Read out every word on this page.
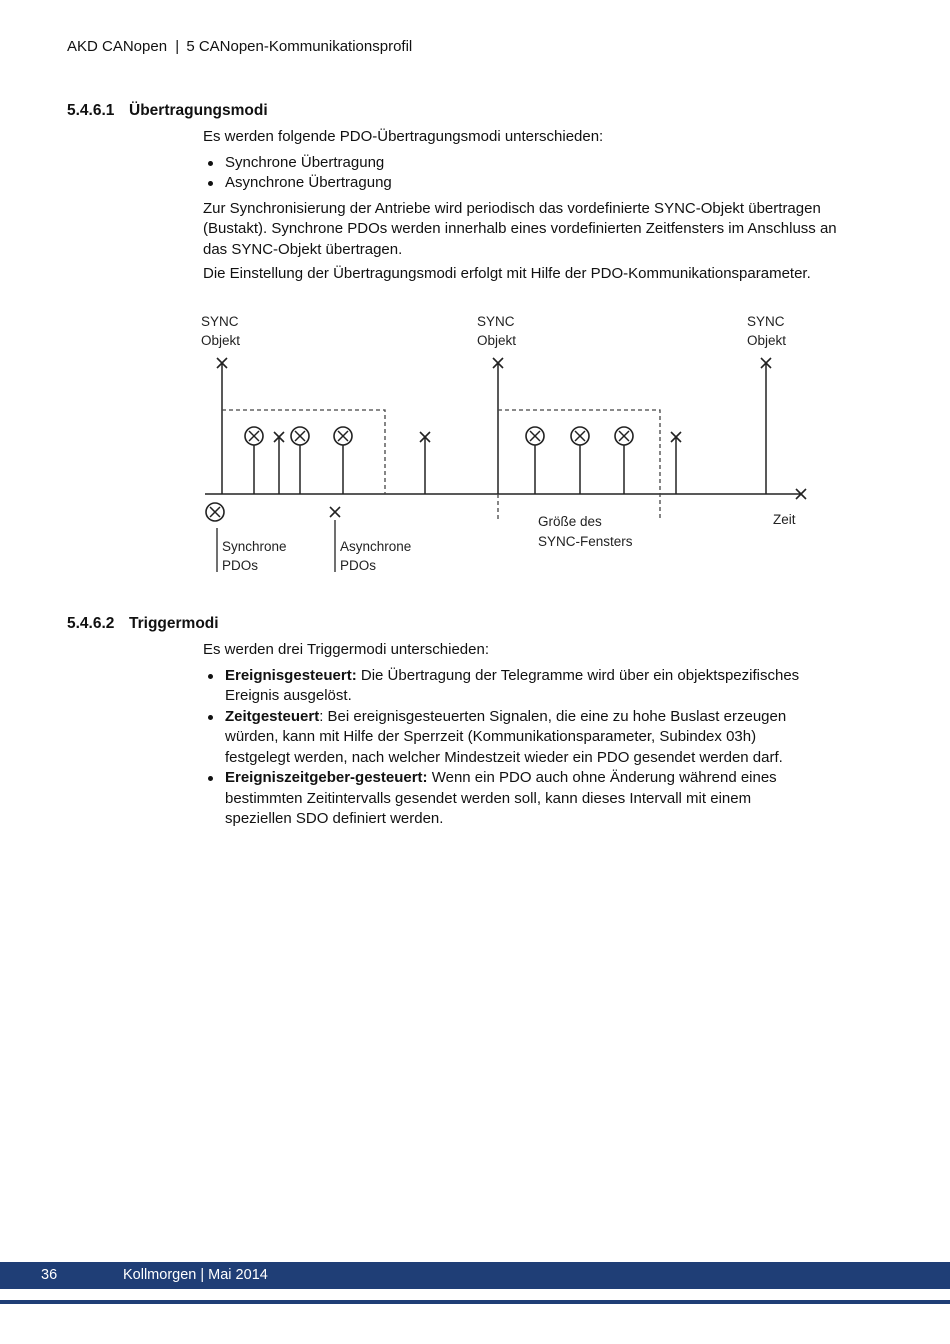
AKD CANopen | 5 CANopen-Kommunikationsprofil
5.4.6.1 Übertragungsmodi

Es werden folgende PDO-Übertragungsmodi unterschieden:

Synchrone Übertragung
Asynchrone Übertragung

Zur Synchronisierung der Antriebe wird periodisch das vordefinierte SYNC-Objekt übertragen (Bustakt). Synchrone PDOs werden innerhalb eines vordefinierten Zeitfensters im Anschluss an das SYNC-Objekt übertragen.

Die Einstellung der Übertragungsmodi erfolgt mit Hilfe der PDO-Kommunikationsparameter.

SYNC
Objekt
SYNC
Objekt
SYNC
Objekt
Zeit
Größe des
SYNC-Fensters
Synchrone
PDOs
Asynchrone
PDOs
5.4.6.2 Triggermodi

Es werden drei Triggermodi unterschieden:

Ereignisgesteuert: Die Übertragung der Telegramme wird über ein objektspezifisches Ereignis ausgelöst.
Zeitgesteuert: Bei ereignisgesteuerten Signalen, die eine zu hohe Buslast erzeugen würden, kann mit Hilfe der Sperrzeit (Kommunikationsparameter, Subindex 03h) festgelegt werden, nach welcher Mindestzeit wieder ein PDO gesendet werden darf.
Ereigniszeitgeber-gesteuert: Wenn ein PDO auch ohne Änderung während eines bestimmten Zeitintervalls gesendet werden soll, kann dieses Intervall mit einem speziellen SDO definiert werden.
36	Kollmorgen | Mai 2014
